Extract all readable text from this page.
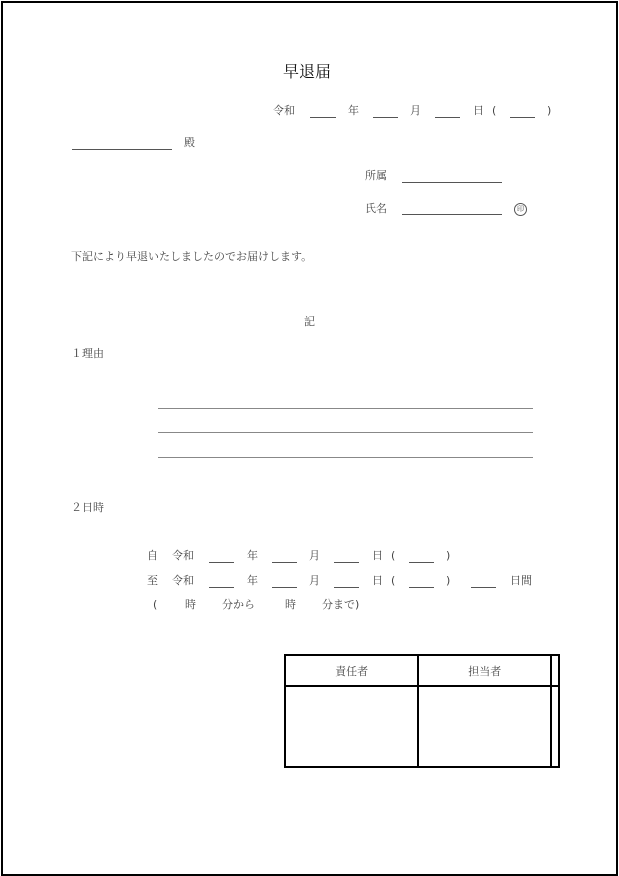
早退届
令和	年	月	日 (	)
殿
所属
氏名	印
下記により早退いたしましたのでお届けします。
記
１理由
２日時
自 令和	年	月	日 (	)
至 令和	年	月	日 (	)	日間
(	時 分から	時 分まで)
責任者	担当者	
